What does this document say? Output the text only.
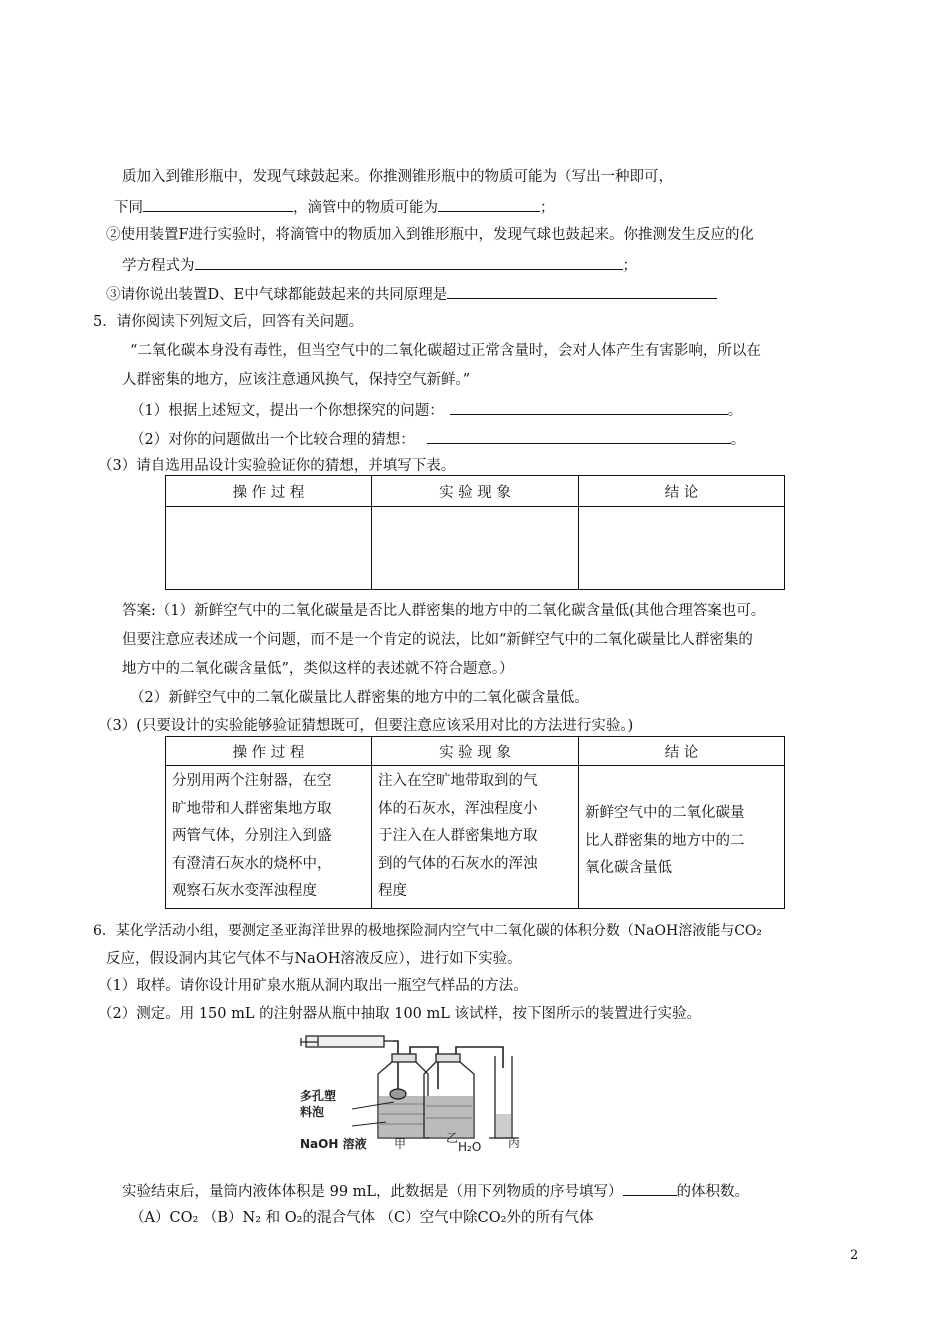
质加入到锥形瓶中，发现气球鼓起来。你推测锥形瓶中的物质可能为（写出一种即可，
下同	，滴管中的物质可能为	；
②使用装置F进行实验时，将滴管中的物质加入到锥形瓶中，发现气球也鼓起来。你推测发生反应的化
学方程式为	；
③请你说出装置D、E中气球都能鼓起来的共同原理是
5．请你阅读下列短文后，回答有关问题。
“二氧化碳本身没有毒性，但当空气中的二氧化碳超过正常含量时，会对人体产生有害影响，所以在
人群密集的地方，应该注意通风换气，保持空气新鲜。”
（1）根据上述短文，提出一个你想探究的问题：	。
（2）对你的问题做出一个比较合理的猜想：	。
（3）请自选用品设计实验验证你的猜想，并填写下表。
操 作 过 程	实 验 现 象	结 论

答案:（1）新鲜空气中的二氧化碳量是否比人群密集的地方中的二氧化碳含量低(其他合理答案也可。
但要注意应表述成一个问题，而不是一个肯定的说法，比如“新鲜空气中的二氧化碳量比人群密集的
地方中的二氧化碳含量低”，类似这样的表述就不符合题意。）
（2）新鲜空气中的二氧化碳量比人群密集的地方中的二氧化碳含量低。
（3）(只要设计的实验能够验证猜想既可，但要注意应该采用对比的方法进行实验。)
操 作 过 程	实 验 现 象	结 论

分别用两个注射器，在空
旷地带和人群密集地方取
两管气体，分别注入到盛
有澄清石灰水的烧杯中，
观察石灰水变浑浊程度	注入在空旷地带取到的气
体的石灰水，浑浊程度小
于注入在人群密集地方取
到的气体的石灰水的浑浊
程度	新鲜空气中的二氧化碳量
比人群密集的地方中的二
氧化碳含量低
6．某化学活动小组，要测定圣亚海洋世界的极地探险洞内空气中二氧化碳的体积分数（NaOH溶液能与CO₂
反应，假设洞内其它气体不与NaOH溶液反应），进行如下实验。
（1）取样。请你设计用矿泉水瓶从洞内取出一瓶空气样品的方法。
（2）测定。用 150 mL 的注射器从瓶中抽取 100 mL 该试样，按下图所示的装置进行实验。
多孔塑
料泡
NaOH 溶液 甲	乙
H₂O 丙
实验结束后，量筒内液体体积是 99 mL，此数据是（用下列物质的序号填写）	的体积数。
（A）CO₂ （B）N₂ 和 O₂的混合气体 （C）空气中除CO₂外的所有气体
2
